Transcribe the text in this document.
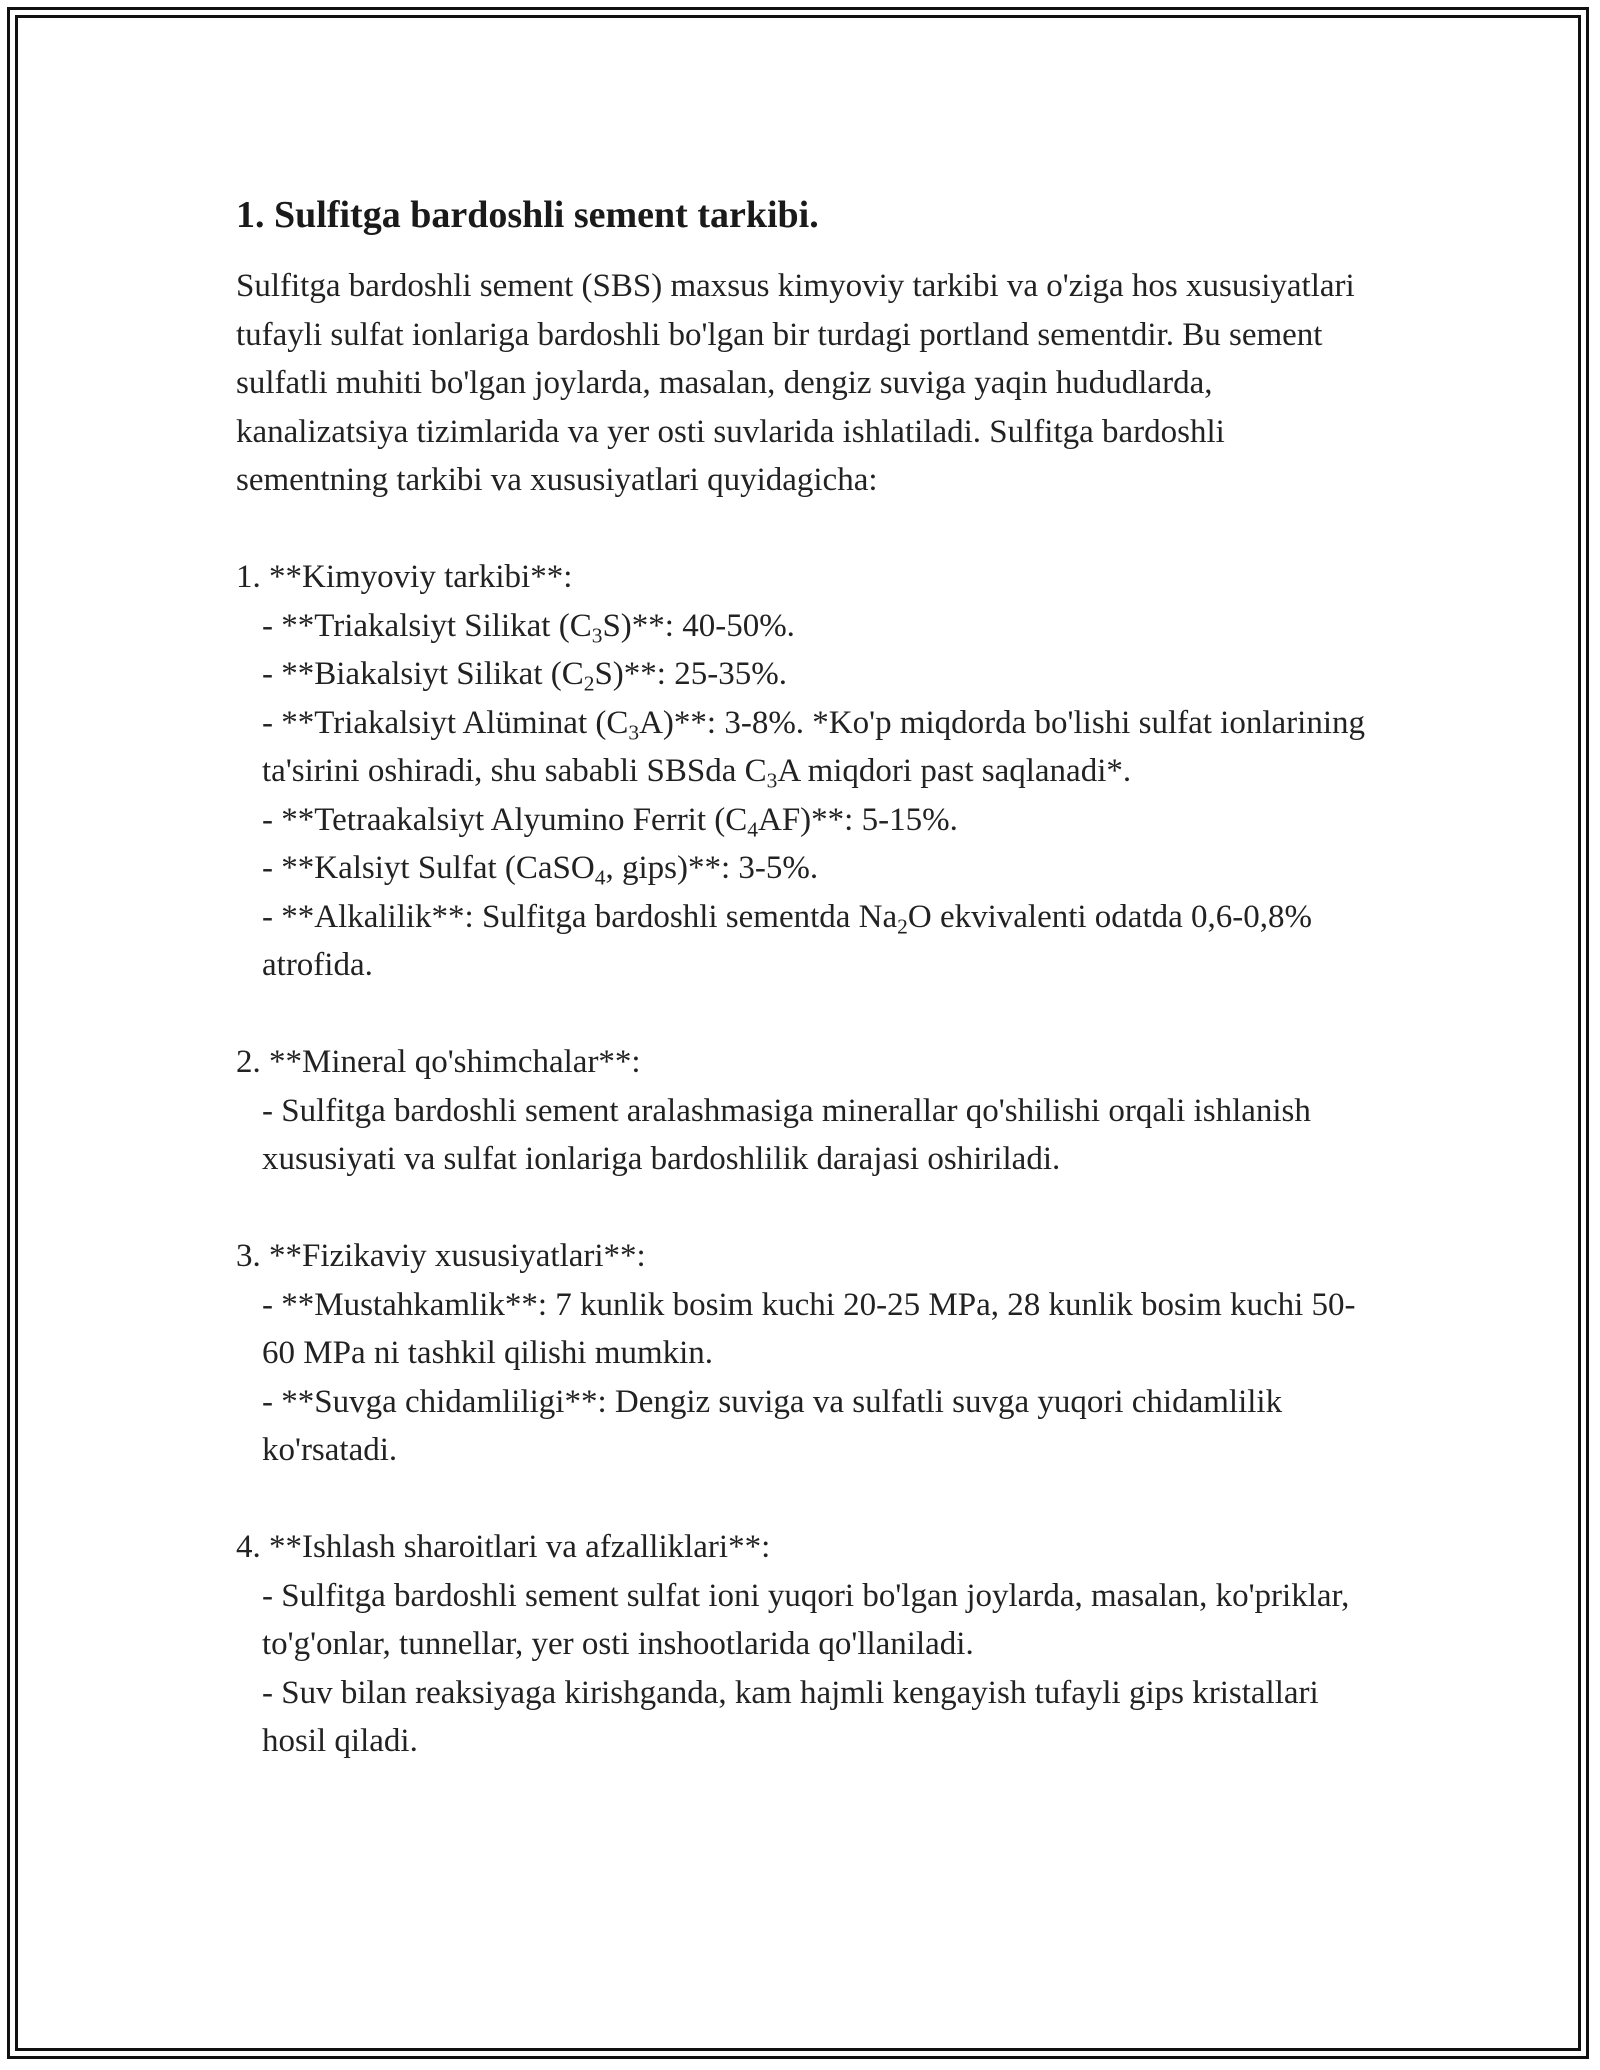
1. Sulfitga bardoshli sement tarkibi.

Sulfitga bardoshli sement (SBS) maxsus kimyoviy tarkibi va o'ziga hos xususiyatlari tufayli sulfat ionlariga bardoshli bo'lgan bir turdagi portland sementdir. Bu sement sulfatli muhiti bo'lgan joylarda, masalan, dengiz suviga yaqin hududlarda, kanalizatsiya tizimlarida va yer osti suvlarida ishlatiladi. Sulfitga bardoshli sementning tarkibi va xususiyatlari quyidagicha:

1. **Kimyoviy tarkibi**:
- **Triakalsiyt Silikat $(C_3S)**$: 40-50%.
- **Biakalsiyt Silikat $(C_2S)**$: 25-35%.
- **Triakalsiyt Alüminat $(C_3A)**$: 3-8%. *Ko'p miqdorda bo'lishi sulfat ionlarining ta'sirini oshiradi, shu sababli SBSda $C_3A$ miqdori past saqlanadi*.
- **Tetraakalsiyt Alyumino Ferrit $(C_4AF)**$: 5-15%.
- **Kalsiyt Sulfat (CaSO$_4$, gips)**: 3-5%.
- **Alkalilik**: Sulfitga bardoshli sementda $Na_2O$ ekvivalenti odatda 0,6-0,8% atrofida.
2. **Mineral qo'shimchalar**:
- Sulfitga bardoshli sement aralashmasiga minerallar qo'shilishi orqali ishlanish xususiyati va sulfat ionlariga bardoshlilik darajasi oshiriladi.
3. **Fizikaviy xususiyatlari**:
- **Mustahkamlik**: 7 kunlik bosim kuchi 20-25 MPa, 28 kunlik bosim kuchi 50-60 MPa ni tashkil qilishi mumkin.
- **Suvga chidamliligi**: Dengiz suviga va sulfatli suvga yuqori chidamlilik ko'rsatadi.
4. **Ishlash sharoitlari va afzalliklari**:
- Sulfitga bardoshli sement sulfat ioni yuqori bo'lgan joylarda, masalan, ko'priklar, to'g'onlar, tunnellar, yer osti inshootlarida qo'llaniladi.
- Suv bilan reaksiyaga kirishganda, kam hajmli kengayish tufayli gips kristallari hosil qiladi.
